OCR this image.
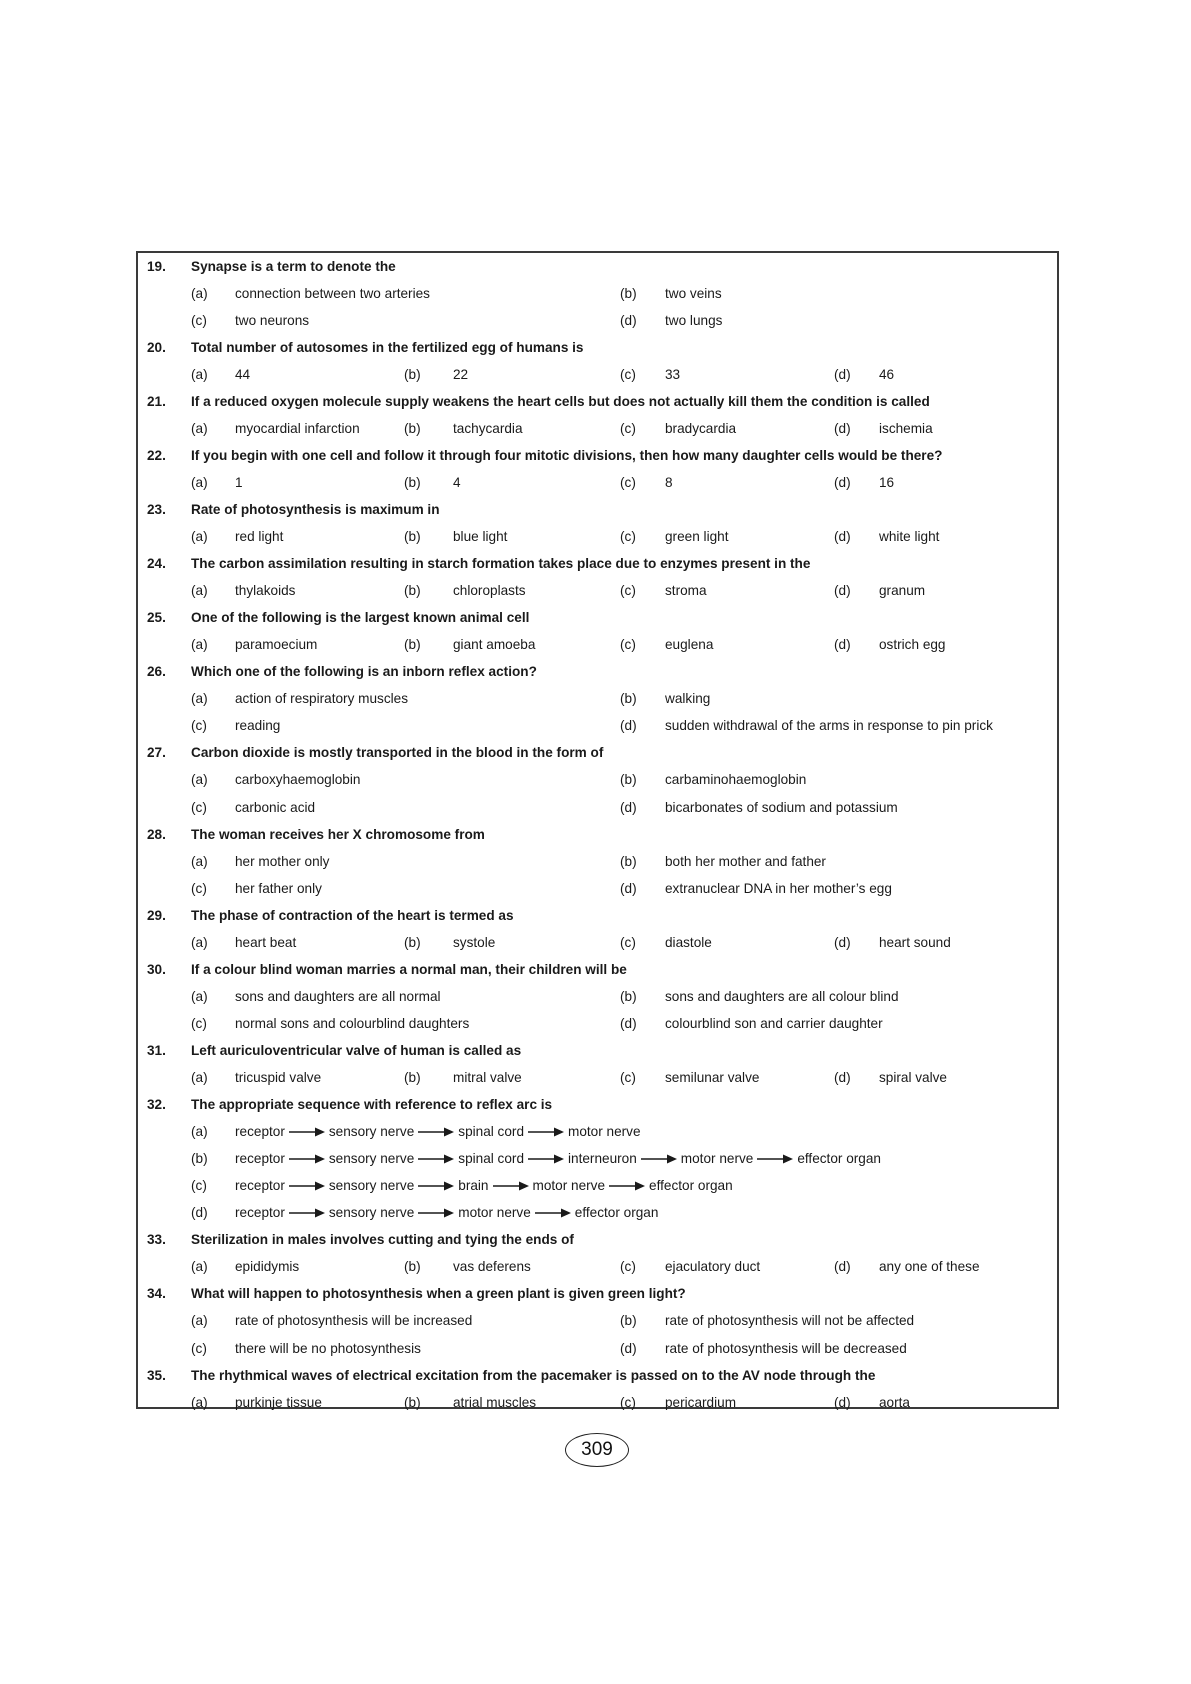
19. Synapse is a term to denote the
(a) connection between two arteries	(b) two veins
(c) two neurons	(d) two lungs
20. Total number of autosomes in the fertilized egg of humans is
(a) 44	(b) 22	(c) 33	(d) 46
21. If a reduced oxygen molecule supply weakens the heart cells but does not actually kill them the condition is called
(a) myocardial infarction	(b) tachycardia	(c) bradycardia	(d) ischemia
22. If you begin with one cell and follow it through four mitotic divisions, then how many daughter cells would be there?
(a) 1	(b) 4	(c) 8	(d) 16
23. Rate of photosynthesis is maximum in
(a) red light	(b) blue light	(c) green light	(d) white light
24. The carbon assimilation resulting in starch formation takes place due to enzymes present in the
(a) thylakoids	(b) chloroplasts	(c) stroma	(d) granum
25. One of the following is the largest known animal cell
(a) paramoecium	(b) giant amoeba	(c) euglena	(d) ostrich egg
26. Which one of the following is an inborn reflex action?
(a) action of respiratory muscles	(b) walking
(c) reading	(d) sudden withdrawal of the arms in response to pin prick
27. Carbon dioxide is mostly transported in the blood in the form of
(a) carboxyhaemoglobin	(b) carbaminohaemoglobin
(c) carbonic acid	(d) bicarbonates of sodium and potassium
28. The woman receives her X chromosome from
(a) her mother only	(b) both her mother and father
(c) her father only	(d) extranuclear DNA in her mother’s egg
29. The phase of contraction of the heart is termed as
(a) heart beat	(b) systole	(c) diastole	(d) heart sound
30. If a colour blind woman marries a normal man, their children will be
(a) sons and daughters are all normal	(b) sons and daughters are all colour blind
(c) normal sons and colourblind daughters	(d) colourblind son and carrier daughter
31. Left auriculoventricular valve of human is called as
(a) tricuspid valve	(b) mitral valve	(c) semilunar valve	(d) spiral valve
32. The appropriate sequence with reference to reflex arc is
(a) receptor	sensory nerve	spinal cord	motor nerve
(b) receptor	sensory nerve	spinal cord	interneuron	motor nerve	effector organ
(c) receptor	sensory nerve	brain	motor nerve	effector organ
(d) receptor	sensory nerve	motor nerve	effector organ
33. Sterilization in males involves cutting and tying the ends of
(a) epididymis	(b) vas deferens	(c) ejaculatory duct	(d) any one of these
34. What will happen to photosynthesis when a green plant is given green light?
(a) rate of photosynthesis will be increased	(b) rate of photosynthesis will not be affected
(c) there will be no photosynthesis	(d) rate of photosynthesis will be decreased
35. The rhythmical waves of electrical excitation from the pacemaker is passed on to the AV node through the
(a) purkinje tissue	(b) atrial muscles	(c) pericardium	(d) aorta
309
